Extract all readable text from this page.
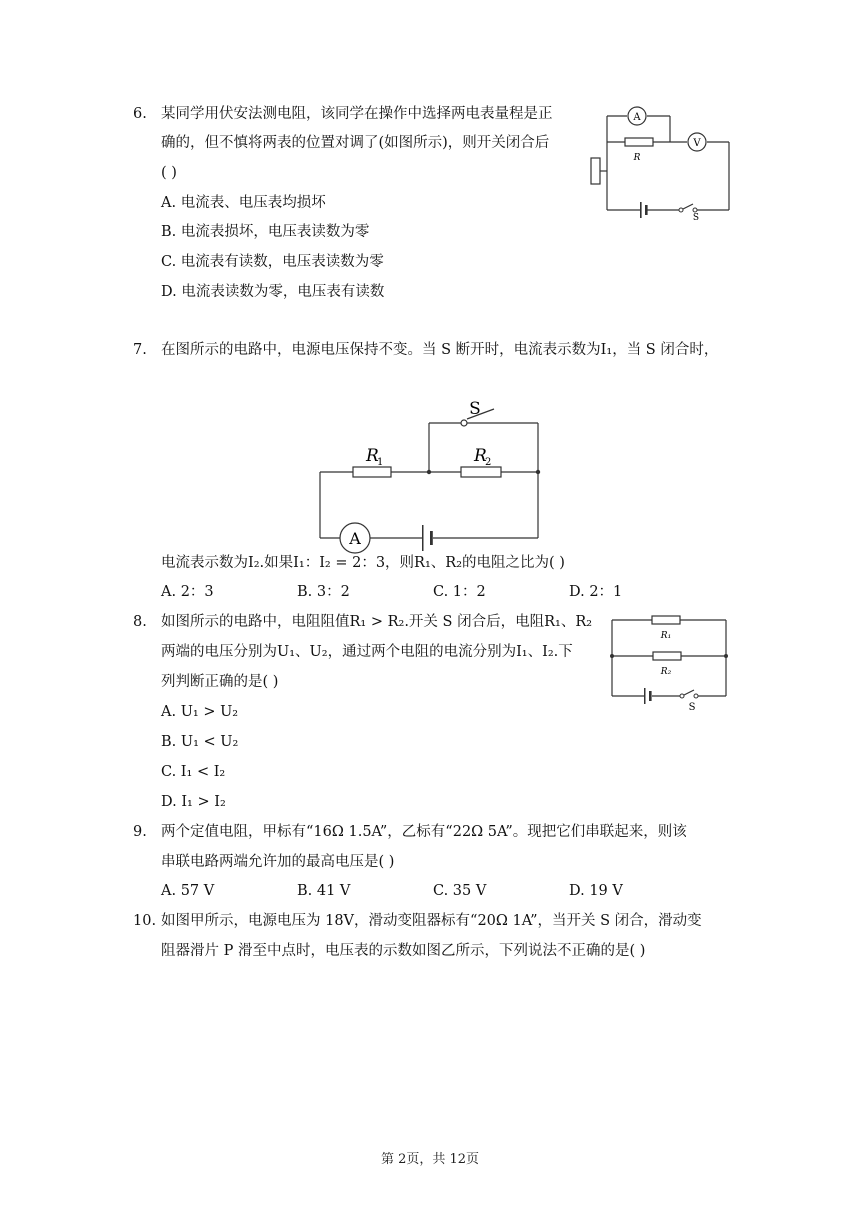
6. 某同学用伏安法测电阻，该同学在操作中选择两电表量程是正
确的，但不慎将两表的位置对调了(如图所示)，则开关闭合后
( )
A. 电流表、电压表均损坏
B. 电流表损坏，电压表读数为零
C. 电流表有读数，电压表读数为零
D. 电流表读数为零，电压表有读数
A
V
R
S
7. 在图所示的电路中，电源电压保持不变。当 S 断开时，电流表示数为I₁，当 S 闭合时，
A
S
R
1	R
2
电流表示数为I₂.如果I₁：I₂ = 2：3，则R₁、R₂的电阻之比为( )
A. 2：3	B. 3：2	C. 1：2	D. 2：1
8. 如图所示的电路中，电阻阻值R₁ > R₂.开关 S 闭合后，电阻R₁、R₂
两端的电压分别为U₁、U₂，通过两个电阻的电流分别为I₁、I₂.下
列判断正确的是( )
A. U₁ > U₂
B. U₁ < U₂
C. I₁ < I₂
D. I₁ > I₂
R₁
R₂
S
9. 两个定值电阻，甲标有“16Ω 1.5A”，乙标有“22Ω 5A”。现把它们串联起来，则该
串联电路两端允许加的最高电压是( )
A. 57 V	B. 41 V	C. 35 V	D. 19 V
10. 如图甲所示，电源电压为 18V，滑动变阻器标有“20Ω 1A”，当开关 S 闭合，滑动变
阻器滑片 P 滑至中点时，电压表的示数如图乙所示，下列说法不正确的是( )
第 2页，共 12页
